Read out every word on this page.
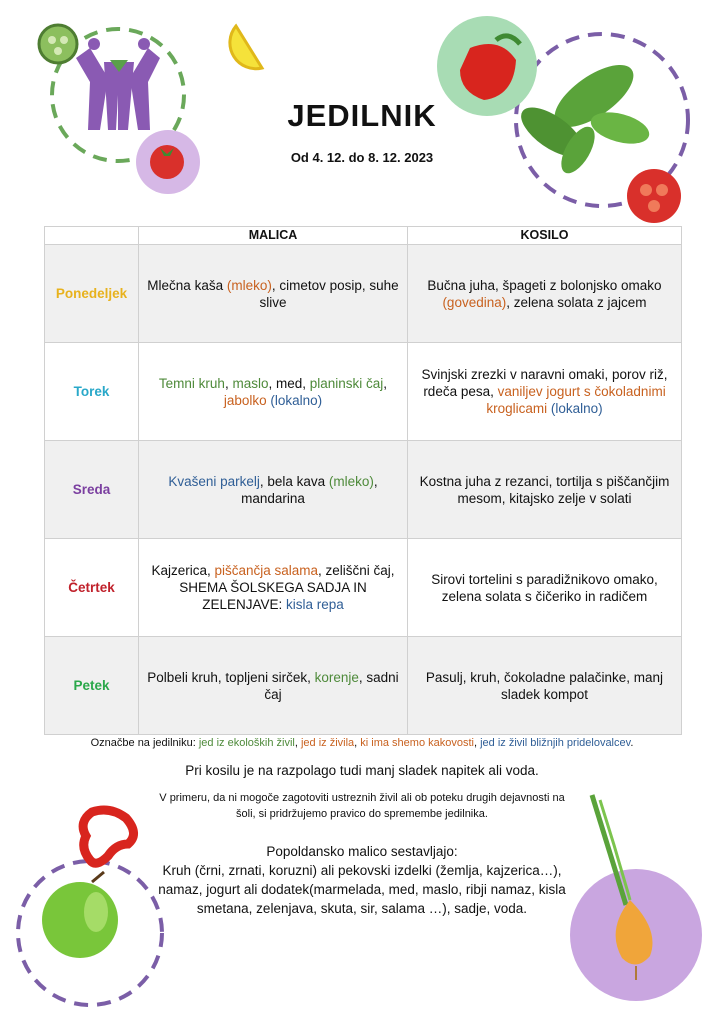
JEDILNIK
Od 4. 12. do 8. 12. 2023
	MALICA	KOSILO
Ponedeljek	Mlečna kaša (mleko), cimetov posip, suhe slive	Bučna juha, špageti z bolonjsko omako (govedina), zelena solata z jajcem
Torek	Temni kruh, maslo, med, planinski čaj, jabolko (lokalno)	Svinjski zrezki v naravni omaki, porov riž, rdeča pesa, vaniljev jogurt s čokoladnimi kroglicami (lokalno)
Sreda	Kvašeni parkelj, bela kava (mleko), mandarina	Kostna juha z rezanci, tortilja s piščančjim mesom, kitajsko zelje v solati
Četrtek	Kajzerica, piščančja salama, zeliščni čaj, SHEMA ŠOLSKEGA SADJA IN ZELENJAVE: kisla repa	Sirovi tortelini s paradižnikovo omako, zelena solata s čičeriko in radičem
Petek	Polbeli kruh, topljeni sirček, korenje, sadni čaj	Pasulj, kruh, čokoladne palačinke, manj sladek kompot
Oznаčbe na jedilniku: jed iz ekoloških živil, jed iz živila, ki ima shemo kakovosti, jed iz živil bližnjih pridelovalcev.
Pri kosilu je na razpolago tudi manj sladek napitek ali voda.
V primeru, da ni mogoče zagotoviti ustreznih živil ali ob poteku drugih dejavnosti na šoli, si pridržujemo pravico do spremembe jedilnika.
Popoldansko malico sestavljajo:
Kruh (črni, zrnati, koruzni) ali pekovski izdelki (žemlja, kajzerica…), namaz, jogurt ali dodatek(marmelada, med, maslo, ribji namaz, kisla smetana, zelenjava, skuta, sir, salama …), sadje, voda.
